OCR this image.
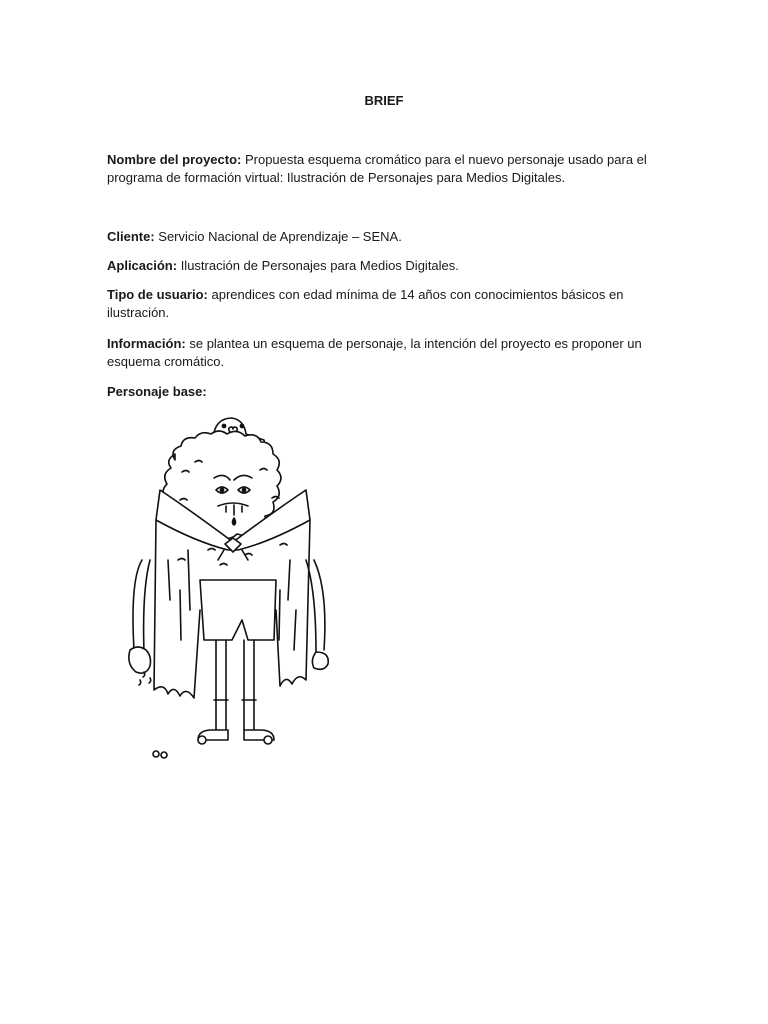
BRIEF
Nombre del proyecto: Propuesta esquema cromático para el nuevo personaje usado para el programa de formación virtual: Ilustración de Personajes para Medios Digitales.
Cliente: Servicio Nacional de Aprendizaje – SENA.
Aplicación: Ilustración de Personajes para Medios Digitales.
Tipo de usuario: aprendices con edad mínima de 14 años con conocimientos básicos en ilustración.
Información: se plantea un esquema de personaje, la intención del proyecto es proponer un esquema cromático.
Personaje base:
